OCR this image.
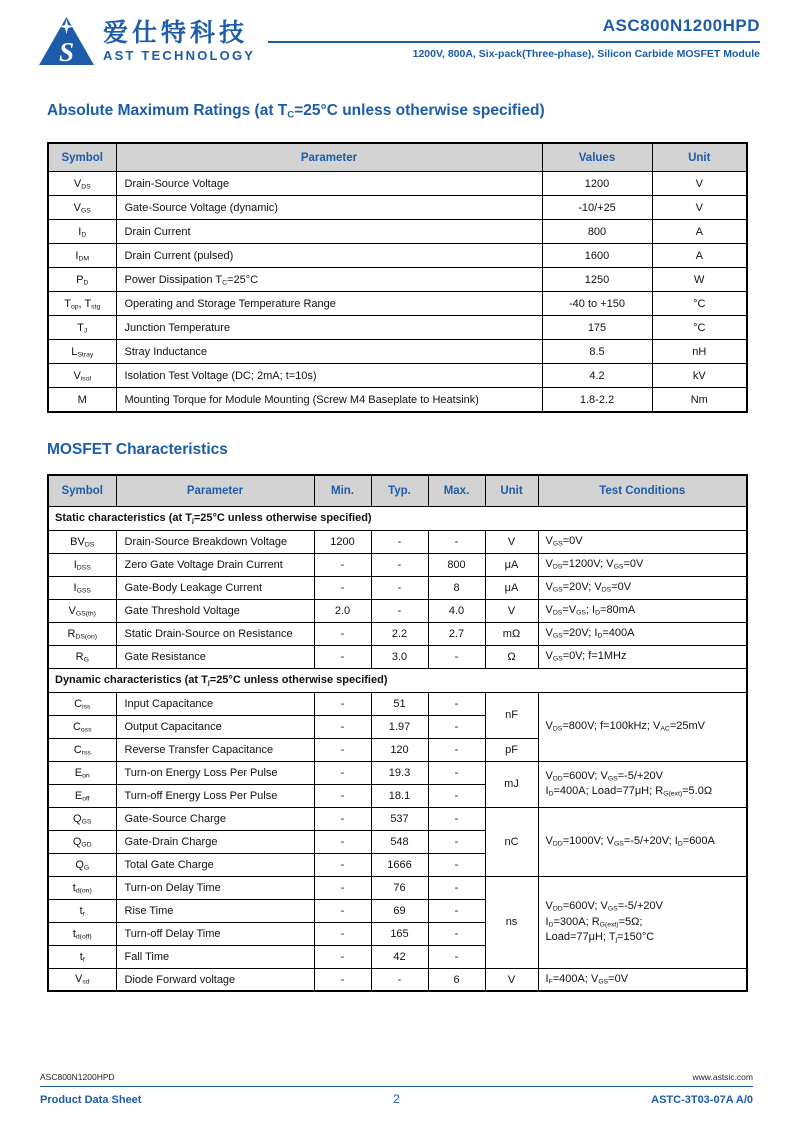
S
爱仕特科技
AST TECHNOLOGY
ASC800N1200HPD
1200V, 800A, Six-pack(Three-phase), Silicon Carbide MOSFET Module
Absolute Maximum Ratings (at $T_C=25^\circ C$ unless otherwise specified)
Symbol	Parameter	Values	Unit
$V_{DS}$	Drain-Source Voltage	1200	V
$V_{GS}$	Gate-Source Voltage (dynamic)	-10/+25	V
$I_D$	Drain Current	800	A
$I_{DM}$	Drain Current (pulsed)	1600	A
$P_D$	Power Dissipation $T_C=25^\circ C$	1250	W
$T_{op}$, $T_{stg}$	Operating and Storage Temperature Range	-40 to +150	°C
$T_J$	Junction Temperature	175	°C
$L_{Stray}$	Stray Inductance	8.5	nH
$V_{isol}$	Isolation Test Voltage (DC; 2mA; t=10s)	4.2	kV
M	Mounting Torque for Module Mounting (Screw M4 Baseplate to Heatsink)	1.8-2.2	Nm
MOSFET Characteristics
Symbol	Parameter	Min.	Typ.	Max.	Unit	Test Conditions
Static characteristics (at $T_j=25^\circ C$ unless otherwise specified)						
$BV_{DS}$	Drain-Source Breakdown Voltage	1200	-	-	V	$V_{GS}=0V$
$I_{DSS}$	Zero Gate Voltage Drain Current	-	-	800	μA	$V_{DS}=1200V$; $V_{GS}=0V$
$I_{GSS}$	Gate-Body Leakage Current	-	-	8	μA	$V_{GS}=20V$; $V_{DS}=0V$
$V_{GS(th)}$	Gate Threshold Voltage	2.0	-	4.0	V	$V_{DS}=V_{GS}$; $I_D=80mA$
$R_{DS(on)}$	Static Drain-Source on Resistance	-	2.2	2.7	mΩ	$V_{GS}=20V$; $I_D=400A$
$R_G$	Gate Resistance	-	3.0	-	Ω	$V_{GS}=0V$; f=1MHz
Dynamic characteristics (at $T_j=25^\circ C$ unless otherwise specified)						
$C_{iss}$	Input Capacitance	-	51	-	nF	$V_{DS}=800V$; f=100kHz; $V_{AC}=25mV$
$C_{oss}$	Output Capacitance	-	1.97	-		
$C_{rss}$	Reverse Transfer Capacitance	-	120	-	pF	
$E_{on}$	Turn-on Energy Loss Per Pulse	-	19.3	-	mJ	$V_{DD}=600V$; $V_{GS}=-5/+20V$
$I_D=400A$; Load=77μH; $R_{G(ext)}=5.0\Omega$
$E_{off}$	Turn-off Energy Loss Per Pulse	-	18.1	-		
$Q_{GS}$	Gate-Source Charge	-	537	-	nC	$V_{DD}=1000V$; $V_{GS}=-5/+20V$; $I_D=600A$
$Q_{GD}$	Gate-Drain Charge	-	548	-		
$Q_G$	Total Gate Charge	-	1666	-		
$t_{d(on)}$	Turn-on Delay Time	-	76	-	ns	$V_{DD}=600V$; $V_{GS}=-5/+20V$
$I_D=300A$; $R_{G(ext)}=5\Omega$;
Load=77μH; $T_j=150^\circ C$
$t_r$	Rise Time	-	69	-		
$t_{d(off)}$	Turn-off Delay Time	-	165	-		
$t_f$	Fall Time	-	42	-		
$V_{sd}$	Diode Forward voltage	-	-	6	V	$I_F=400A$; $V_{GS}=0V$
ASC800N1200HPD	www.astsic.com
Product Data Sheet	2	ASTC-3T03-07A A/0
